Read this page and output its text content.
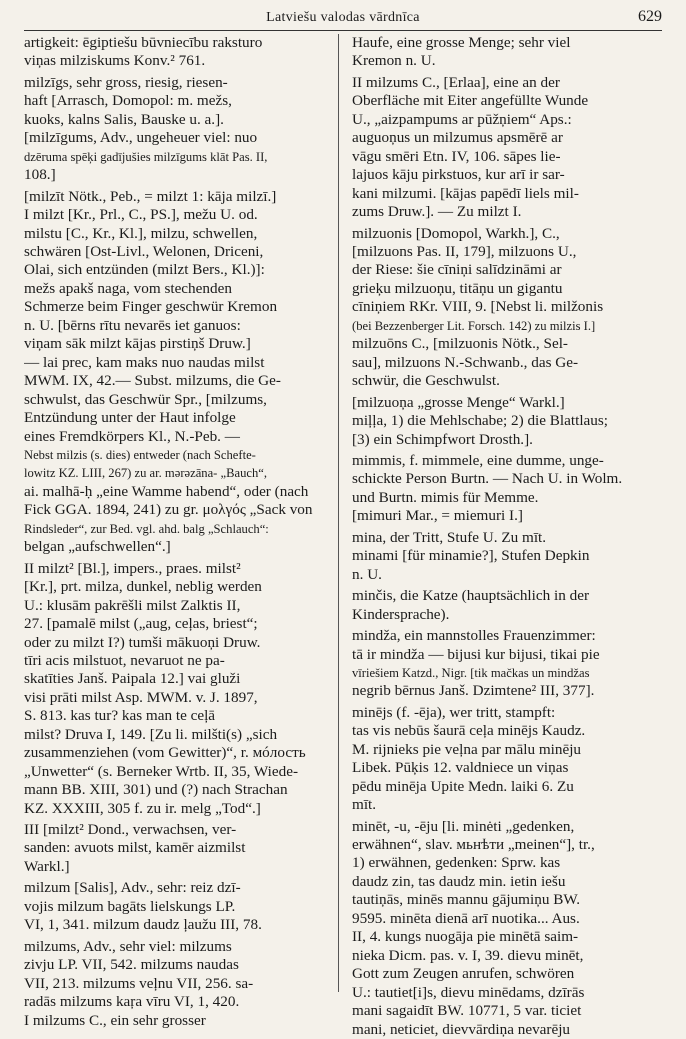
Latviešu valodas vārdnīca	629
artigkeit: ēgiptiešu būvniecību raksturo
viņas milziskums Konv.² 761.
milzīgs, sehr gross, riesig, riesen-
haft [Arrasch, Domopol: m. mežs,
kuoks, kalns Salis, Bauske u. a.].
[milzīgums, Adv., ungeheuer viel: nuo
dzēruma spēķi gadījušies milzīgums klāt Pas. II,
108.]
[milzīt Nötk., Peb., = milzt 1: kāja milzī.]
I milzt [Kr., Prl., C., PS.], mežu U. od.
milstu [C., Kr., Kl.], milzu, schwellen,
schwären [Ost-Livl., Welonen, Driceni,
Olai, sich entzünden (milzt Bers., Kl.)]:
mežs apakš naga, vom stechenden
Schmerze beim Finger geschwür Kremon
n. U. [bērns rītu nevarēs iet ganuos:
viņam sāk milzt kājas pirstiņš Druw.]
— lai prec, kam maks nuo naudas milst
MWM. IX, 42.— Subst. milzums, die Ge-
schwulst, das Geschwür Spr., [milzums,
Entzündung unter der Haut infolge
eines Fremdkörpers Kl., N.-Peb. —
Nebst milzis (s. dies) entweder (nach Schefte-
lowitz KZ. LIII, 267) zu ar. mərəzāna- „Bauch“,
ai. malhā-ḥ „eine Wamme habend“, oder (nach
Fick GGA. 1894, 241) zu gr. μολγός „Sack von
Rindsleder“, zur Bed. vgl. ahd. balg „Schlauch“:
belgan „aufschwellen“.]
II milzt² [Bl.], impers., praes. milst²
[Kr.], prt. milza, dunkel, neblig werden
U.: klusām pakrēšli milst Zalktis II,
27. [pamalē milst („aug, ceļas, briest“;
oder zu milzt I?) tumši mākuoņi Druw.
tīri acis milstuot, nevaruot ne pa-
skatīties Janš. Paipala 12.] vai gluži
visi prāti milst Asp. MWM. v. J. 1897,
S. 813. kas tur? kas man te ceļā
milst? Druva I, 149. [Zu li. milšti(s) „sich
zusammenziehen (vom Gewitter)“, r. мóлость
„Unwetter“ (s. Berneker Wrtb. II, 35, Wiede-
mann BB. XIII, 301) und (?) nach Strachan
KZ. XXXIII, 305 f. zu ir. melg „Tod“.]
III [milzt² Dond., verwachsen, ver-
sanden: avuots milst, kamēr aizmilst
Warkl.]
milzum [Salis], Adv., sehr: reiz dzī-
vojis milzum bagāts lielskungs LP.
VI, 1, 341. milzum daudz ļaužu III, 78.
milzums, Adv., sehr viel: milzums
zivju LP. VII, 542. milzums naudas
VII, 213. milzums veļnu VII, 256. sa-
radās milzums kaŗa vīru VI, 1, 420.
I milzums C., ein sehr grosser
Haufe, eine grosse Menge; sehr viel
Kremon n. U.
II milzums C., [Erlaa], eine an der
Oberfläche mit Eiter angefüllte Wunde
U., „aizpampums ar pūžņiem“ Aps.:
auguoņus un milzumus apsmērē ar
vāgu smēri Etn. IV, 106. sāpes lie-
lajuos kāju pirkstuos, kur arī ir sar-
kani milzumi. [kājas papēdī liels mil-
zums Druw.]. — Zu milzt I.
milzuonis [Domopol, Warkh.], C.,
[milzuons Pas. II, 179], milzuons U.,
der Riese: šie cīniņi salīdzināmi ar
grieķu milzuoņu, titāņu un gigantu
cīniņiem RKr. VIII, 9. [Nebst li. milžonis
(bei Bezzenberger Lit. Forsch. 142) zu milzis I.]
milzuōns C., [milzuonis Nötk., Sel-
sau], milzuons N.-Schwanb., das Ge-
schwür, die Geschwulst.
[milzuoņa „grosse Menge“ Warkl.]
miļļa, 1) die Mehlschabe; 2) die Blattlaus;
[3) ein Schimpfwort Drosth.].
mimmis, f. mimmele, eine dumme, unge-
schickte Person Burtn. — Nach U. in Wolm.
und Burtn. mimis für Memme.
[mimuri Mar., = miemuri I.]
mina, der Tritt, Stufe U. Zu mīt.
minami [für minamie?], Stufen Depkin
n. U.
minčis, die Katze (hauptsächlich in der
Kindersprache).
mindža, ein mannstolles Frauenzimmer:
tā ir mindža — bijusi kur bijusi, tikai pie
vīriešiem Katzd., Nigr. [tik mačkas un mindžas
negrib bērnus Janš. Dzimtene² III, 377].
minējs (f. -ēja), wer tritt, stampft:
tas vis nebūs šaurā ceļa minējs Kaudz.
M. rijnieks pie veļna par mālu minēju
Libek. Pūķis 12. valdniece un viņas
pēdu minēja Upite Medn. laiki 6. Zu
mīt.
minēt, -u, -ēju [li. minėti „gedenken,
erwähnen“, slav. мьнѣти „meinen“], tr.,
1) erwähnen, gedenken: Sprw. kas
daudz zin, tas daudz min. ietin iešu
tautiņās, minēs mannu gājumiņu BW.
9595. minēta dienā arī nuotika... Aus.
II, 4. kungs nuogāja pie minētā saim-
nieka Dicm. pas. v. I, 39. dievu minēt,
Gott zum Zeugen anrufen, schwören
U.: tautiet[i]s, dievu minēdams, dzīrās
mani sagaidīt BW. 10771, 5 var. ticiet
mani, neticiet, dievvārdiņa nevarēju
